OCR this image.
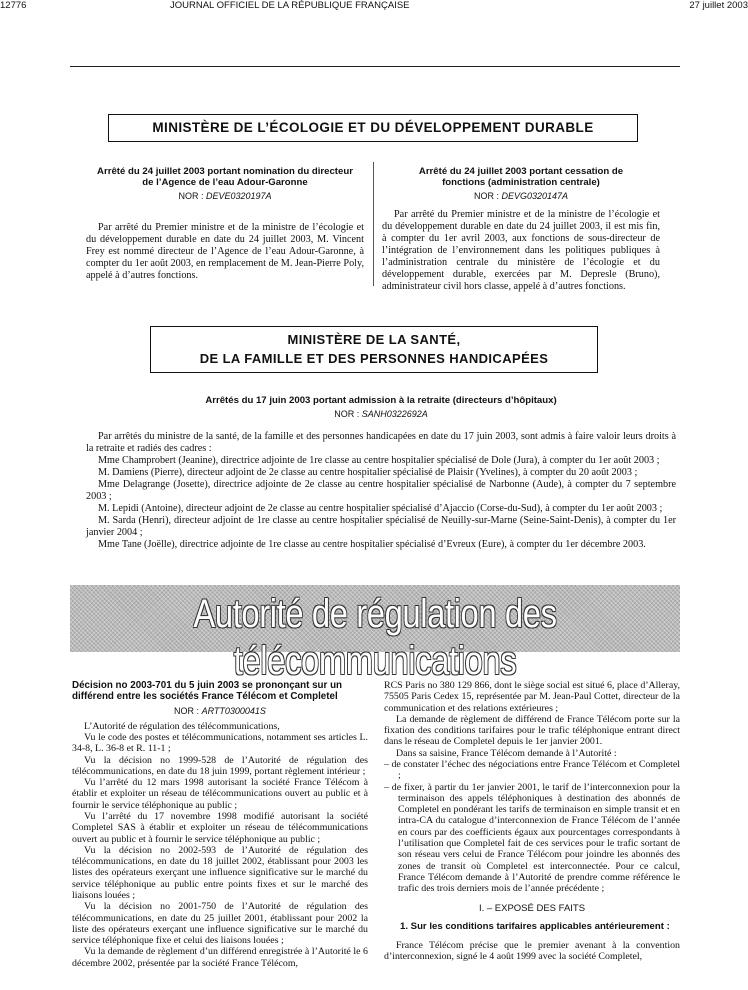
12776	JOURNAL OFFICIEL DE LA RÉPUBLIQUE FRANÇAISE	27 juillet 2003
MINISTÈRE DE L’ÉCOLOGIE ET DU DÉVELOPPEMENT DURABLE
Arrêté du 24 juillet 2003 portant nomination du directeur de l’Agence de l’eau Adour-Garonne
NOR : DEVE0320197A

Par arrêté du Premier ministre et de la ministre de l’écologie et du développement durable en date du 24 juillet 2003, M. Vincent Frey est nommé directeur de l’Agence de l’eau Adour-Garonne, à compter du 1er août 2003, en remplacement de M. Jean-Pierre Poly, appelé à d’autres fonctions.

Arrêté du 24 juillet 2003 portant cessation de fonctions (administration centrale)
NOR : DEVG0320147A

Par arrêté du Premier ministre et de la ministre de l’écologie et du développement durable en date du 24 juillet 2003, il est mis fin, à compter du 1er avril 2003, aux fonctions de sous-directeur de l’intégration de l’environnement dans les politiques publiques à l’administration centrale du ministère de l’écologie et du développement durable, exercées par M. Depresle (Bruno), administrateur civil hors classe, appelé à d’autres fonctions.

MINISTÈRE DE LA SANTÉ,
DE LA FAMILLE ET DES PERSONNES HANDICAPÉES
Arrêtés du 17 juin 2003 portant admission à la retraite (directeurs d’hôpitaux)
NOR : SANH0322692A

Par arrêtés du ministre de la santé, de la famille et des personnes handicapées en date du 17 juin 2003, sont admis à faire valoir leurs droits à la retraite et radiés des cadres :

Mme Champrobert (Jeanine), directrice adjointe de 1re classe au centre hospitalier spécialisé de Dole (Jura), à compter du 1er août 2003 ;

M. Damiens (Pierre), directeur adjoint de 2e classe au centre hospitalier spécialisé de Plaisir (Yvelines), à compter du 20 août 2003 ;

Mme Delagrange (Josette), directrice adjointe de 2e classe au centre hospitalier spécialisé de Narbonne (Aude), à compter du 7 septembre 2003 ;

M. Lepidi (Antoine), directeur adjoint de 2e classe au centre hospitalier spécialisé d’Ajaccio (Corse-du-Sud), à compter du 1er août 2003 ;

M. Sarda (Henri), directeur adjoint de 1re classe au centre hospitalier spécialisé de Neuilly-sur-Marne (Seine-Saint-Denis), à compter du 1er janvier 2004 ;

Mme Tane (Joëlle), directrice adjointe de 1re classe au centre hospitalier spécialisé d’Evreux (Eure), à compter du 1er décembre 2003.

Autorité de régulation des télécommunications
Décision no 2003-701 du 5 juin 2003 se prononçant sur un différend entre les sociétés France Télécom et Completel
NOR : ARTT0300041S

L’Autorité de régulation des télécommunications,

Vu le code des postes et télécommunications, notamment ses articles L. 34-8, L. 36-8 et R. 11-1 ;

Vu la décision no 1999-528 de l’Autorité de régulation des télécommunications, en date du 18 juin 1999, portant règlement intérieur ;

Vu l’arrêté du 12 mars 1998 autorisant la société France Télécom à établir et exploiter un réseau de télécommunications ouvert au public et à fournir le service téléphonique au public ;

Vu l’arrêté du 17 novembre 1998 modifié autorisant la société Completel SAS à établir et exploiter un réseau de télécommunications ouvert au public et à fournir le service téléphonique au public ;

Vu la décision no 2002-593 de l’Autorité de régulation des télécommunications, en date du 18 juillet 2002, établissant pour 2003 les listes des opérateurs exerçant une influence significative sur le marché du service téléphonique au public entre points fixes et sur le marché des liaisons louées ;

Vu la décision no 2001-750 de l’Autorité de régulation des télécommunications, en date du 25 juillet 2001, établissant pour 2002 la liste des opérateurs exerçant une influence significative sur le marché du service téléphonique fixe et celui des liaisons louées ;

Vu la demande de règlement d’un différend enregistrée à l’Autorité le 6 décembre 2002, présentée par la société France Télécom,

RCS Paris no 380 129 866, dont le siège social est situé 6, place d’Alleray, 75505 Paris Cedex 15, représentée par M. Jean-Paul Cottet, directeur de la communication et des relations extérieures ;

La demande de règlement de différend de France Télécom porte sur la fixation des conditions tarifaires pour le trafic téléphonique entrant direct dans le réseau de Completel depuis le 1er janvier 2001.

Dans sa saisine, France Télécom demande à l’Autorité :

– de constater l’échec des négociations entre France Télécom et Completel ;

– de fixer, à partir du 1er janvier 2001, le tarif de l’interconnexion pour la terminaison des appels téléphoniques à destination des abonnés de Completel en pondérant les tarifs de terminaison en simple transit et en intra-CA du catalogue d’interconnexion de France Télécom de l’année en cours par des coefficients égaux aux pourcentages correspondants à l’utilisation que Completel fait de ces services pour le trafic sortant de son réseau vers celui de France Télécom pour joindre les abonnés des zones de transit où Completel est interconnectée. Pour ce calcul, France Télécom demande à l’Autorité de prendre comme référence le trafic des trois derniers mois de l’année précédente ;

I. – EXPOSÉ DES FAITS
1. Sur les conditions tarifaires applicables antérieurement :

France Télécom précise que le premier avenant à la convention d’interconnexion, signé le 4 août 1999 avec la société Completel,
